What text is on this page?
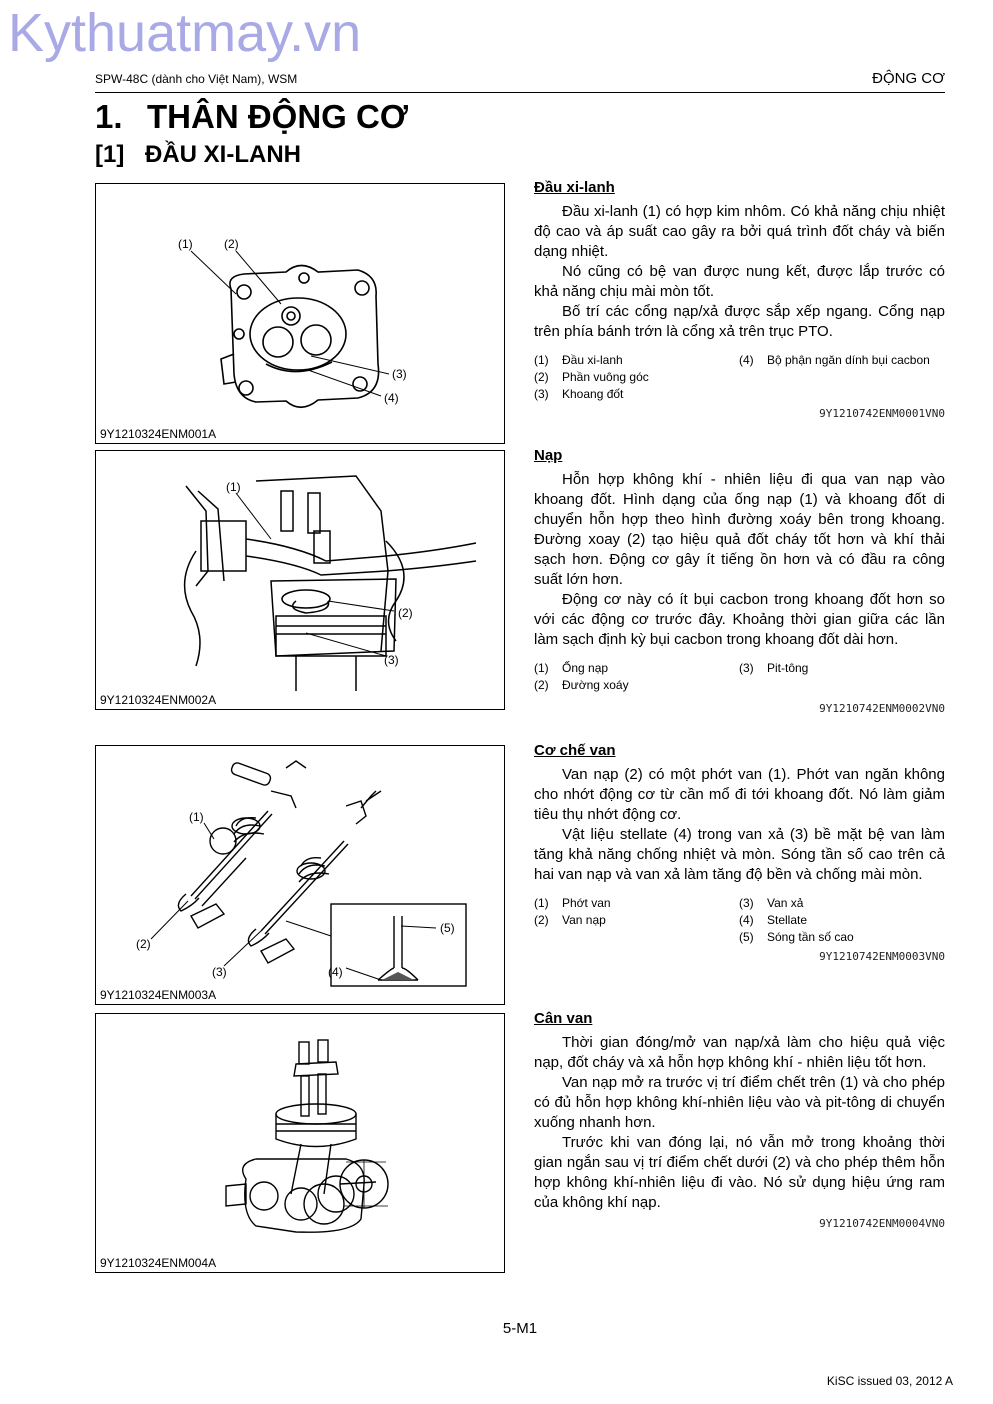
Kythuatmay.vn
SPW-48C (dành cho Việt Nam), WSM	ĐỘNG CƠ
1. THÂN ĐỘNG CƠ
[1] ĐẦU XI-LANH
(1)	(2)
(3)
(4)
9Y1210324ENM001A
(1)
(2)
(3)
9Y1210324ENM002A
(1)
(2)
(3)	(4)
(5)
9Y1210324ENM003A
9Y1210324ENM004A
Đầu xi-lanh

Đầu xi-lanh (1) có hợp kim nhôm. Có khả năng chịu nhiệt độ cao và áp suất cao gây ra bởi quá trình đốt cháy và biến dạng nhiệt.

Nó cũng có bệ van được nung kết, được lắp trước có khả năng chịu mài mòn tốt.

Bố trí các cổng nạp/xả được sắp xếp ngang. Cổng nạp trên phía bánh trớn là cổng xả trên trục PTO.

(1)	Đầu xi-lanh	(4)	Bộ phận ngăn dính bụi cacbon
(2)	Phần vuông góc
(3)	Khoang đốt
9Y1210742ENM0001VN0
Nạp

Hỗn hợp không khí - nhiên liệu đi qua van nạp vào khoang đốt. Hình dạng của ống nạp (1) và khoang đốt di chuyển hỗn hợp theo hình đường xoáy bên trong khoang. Đường xoay (2) tạo hiệu quả đốt cháy tốt hơn và khí thải sạch hơn. Động cơ gây ít tiếng ồn hơn và có đầu ra công suất lớn hơn.

Động cơ này có ít bụi cacbon trong khoang đốt hơn so với các động cơ trước đây. Khoảng thời gian giữa các lần làm sạch định kỳ bụi cacbon trong khoang đốt dài hơn.

(1)	Ống nạp	(3)	Pit-tông
(2)	Đường xoáy
9Y1210742ENM0002VN0
Cơ chế van

Van nạp (2) có một phớt van (1). Phớt van ngăn không cho nhớt động cơ từ cần mổ đi tới khoang đốt. Nó làm giảm tiêu thụ nhớt động cơ.

Vật liệu stellate (4) trong van xả (3) bề mặt bệ van làm tăng khả năng chống nhiệt và mòn. Sóng tần số cao trên cả hai van nạp và van xả làm tăng độ bền và chống mài mòn.

(1)	Phớt van	(3)	Van xả
(2)	Van nạp	(4)	Stellate
(5)	Sóng tần số cao
9Y1210742ENM0003VN0
Cân van

Thời gian đóng/mở van nạp/xả làm cho hiệu quả việc nạp, đốt cháy và xả hỗn hợp không khí - nhiên liệu tốt hơn.

Van nạp mở ra trước vị trí điểm chết trên (1) và cho phép có đủ hỗn hợp không khí-nhiên liệu vào và pit-tông di chuyển xuống nhanh hơn.

Trước khi van đóng lại, nó vẫn mở trong khoảng thời gian ngắn sau vị trí điểm chết dưới (2) và cho phép thêm hỗn hợp không khí-nhiên liệu đi vào. Nó sử dụng hiệu ứng ram của không khí nạp.

9Y1210742ENM0004VN0
5-M1
KiSC issued 03, 2012 A
